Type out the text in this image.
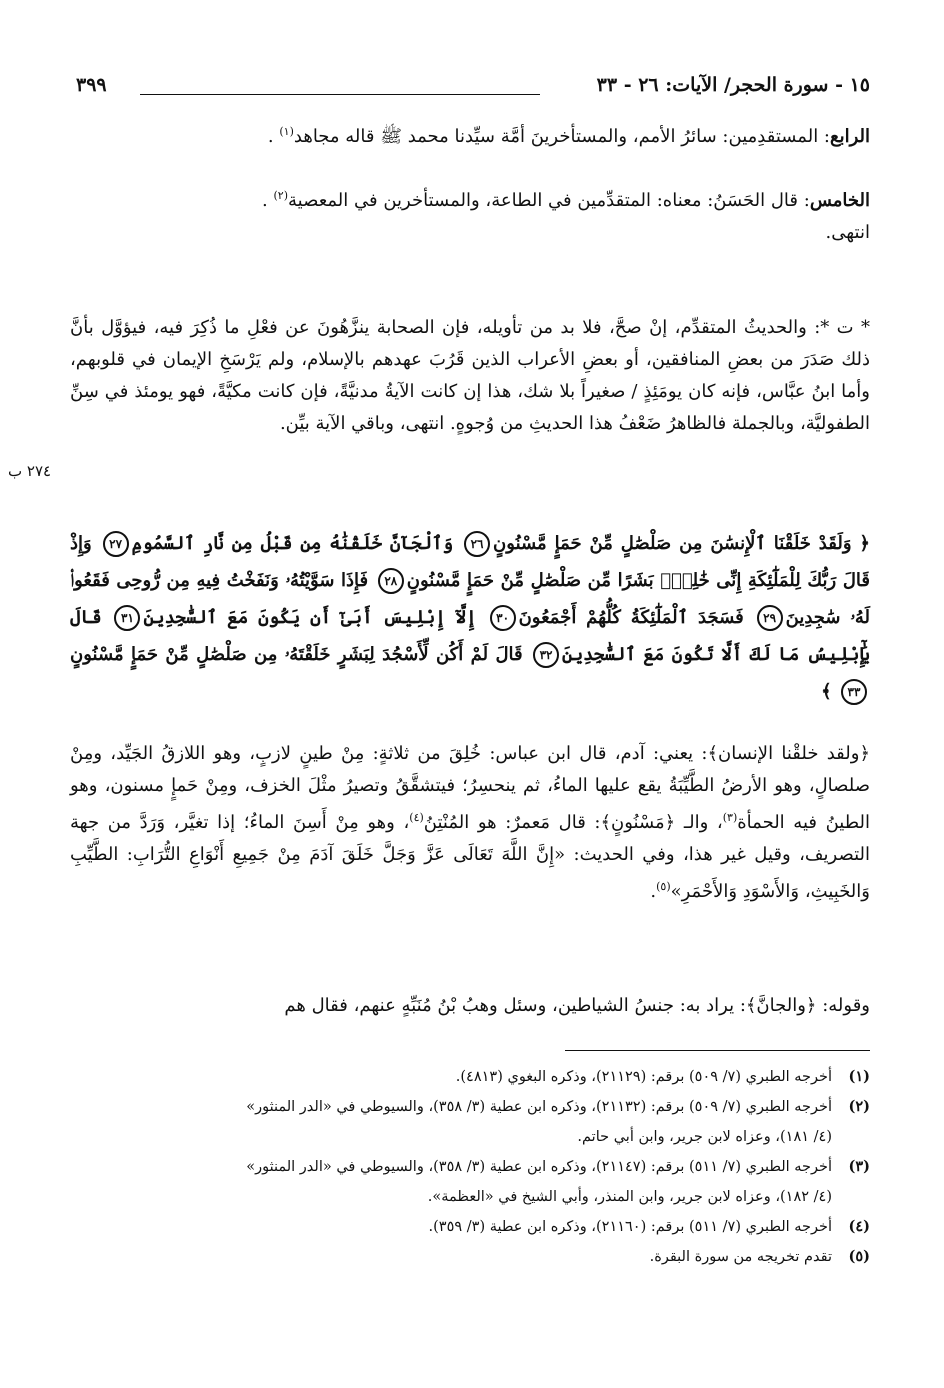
١٥ - سورة الحجر/ الآيات: ٢٦ - ٣٣
٣٩٩
الرابع: المستقدِمين: سائرُ الأمم، والمستأخرينَ أمَّة سيِّدنا محمد ﷺ قاله مجاهد$^{(١)}$ .
الخامس: قال الحَسَنُ: معناه: المتقدِّمين في الطاعة، والمستأخرين في المعصية$^{(٢)}$ .
انتهى.
* ت *: والحديثُ المتقدِّم، إنْ صحَّ، فلا بد من تأويله، فإن الصحابة ينزَّهُونَ عن فعْلِ ما ذُكِرَ فيه، فيؤوَّل بأنَّ ذلك صَدَرَ من بعضِ المنافقين، أو بعضِ الأعراب الذين قَرُبَ عهدهم بالإسلام، ولم يَرْسَخِ الإيمان في قلوبهم، وأما ابنُ عبَّاس، فإنه كان يومَئِذٍ / صغيراً بلا شك، هذا إن كانت الآيةُ مدنيَّةً، فإن كانت مكيَّةً، فهو يومئذ في سِنِّ الطفوليَّة، وبالجملة فالظاهرُ ضَعْفُ هذا الحديثِ من وُجوهٍ. انتهى، وباقي الآية بيِّن.
٢٧٤ ب
﴿ وَلَقَدْ خَلَقْنَا ٱلْإِنسَٰنَ مِن صَلْصَٰلٍ مِّنْ حَمَإٍ مَّسْنُونٍ٢٦ وَٱلْجَآنَّ خَلَقْنَٰهُ مِن قَبْلُ مِن نَّارِ ٱلسَّمُومِ٢٧ وَإِذْ قَالَ رَبُّكَ لِلْمَلَٰٓئِكَةِ إِنِّى خَٰلِقٌۢ بَشَرًا مِّن صَلْصَٰلٍ مِّنْ حَمَإٍ مَّسْنُونٍ٢٨ فَإِذَا سَوَّيْتُهُۥ وَنَفَخْتُ فِيهِ مِن رُّوحِى فَقَعُوا۟ لَهُۥ سَٰجِدِينَ٢٩ فَسَجَدَ ٱلْمَلَٰٓئِكَةُ كُلُّهُمْ أَجْمَعُونَ٣٠ إِلَّآ إِبْلِيسَ أَبَىٰٓ أَن يَكُونَ مَعَ ٱلسَّٰجِدِينَ٣١ قَالَ يَٰٓإِبْلِيسُ مَا لَكَ أَلَّا تَكُونَ مَعَ ٱلسَّٰجِدِينَ٣٢ قَالَ لَمْ أَكُن لِّأَسْجُدَ لِبَشَرٍ خَلَقْتَهُۥ مِن صَلْصَٰلٍ مِّنْ حَمَإٍ مَّسْنُونٍ٣٣ ﴾
﴿ولقد خلقْنا الإنسان﴾: يعني: آدم، قال ابن عباس: خُلِقَ من ثلاثةٍ: مِنْ طينٍ لازبٍ، وهو اللازقُ الجَيِّد، ومِنْ صلصالٍ، وهو الأرضُ الطَّيِّبَةُ يقع عليها الماءُ، ثم ينحسِرُ؛ فيتشقَّقُ وتصيرُ مثْلَ الخزف، ومِنْ حَمإٍ مسنون، وهو الطينُ فيه الحمأة$^{(٣)}$، والـ ﴿مَسْنُونٍ﴾: قال مَعمرٌ: هو المُنْتِنُ$^{(٤)}$، وهو مِنْ أَسِنَ الماءُ؛ إذا تغيَّر، وَرَدَّ من جهة التصريف، وقيل غير هذا، وفي الحديث: «إِنَّ اللَّهَ تَعَالَى عَزَّ وَجَلَّ خَلَقَ آدَمَ مِنْ جَمِيعِ أَنْوَاعِ التُّرَابِ: الطَّيِّبِ وَالخَبِيثِ، وَالأَسْوَدِ وَالأَحْمَرِ»$^{(٥)}$.
وقوله: ﴿والجانَّ﴾: يراد به: جنسُ الشياطين، وسئل وهبُ بْنُ مُنَبِّهٍ عنهم، فقال هم
(١)
أخرجه الطبري (٧/ ٥٠٩) برقم: (٢١١٢٩)، وذكره البغوي (٤٨١٣).
(٢)
أخرجه الطبري (٧/ ٥٠٩) برقم: (٢١١٣٢)، وذكره ابن عطية (٣/ ٣٥٨)، والسيوطي في «الدر المنثور»
(٤/ ١٨١)، وعزاه لابن جرير، وابن أبي حاتم.
(٣)
أخرجه الطبري (٧/ ٥١١) برقم: (٢١١٤٧)، وذكره ابن عطية (٣/ ٣٥٨)، والسيوطي في «الدر المنثور»
(٤/ ١٨٢)، وعزاه لابن جرير، وابن المنذر، وأبي الشيخ في «العظمة».
(٤)
أخرجه الطبري (٧/ ٥١١) برقم: (٢١١٦٠)، وذكره ابن عطية (٣/ ٣٥٩).
(٥)
تقدم تخريجه من سورة البقرة.
